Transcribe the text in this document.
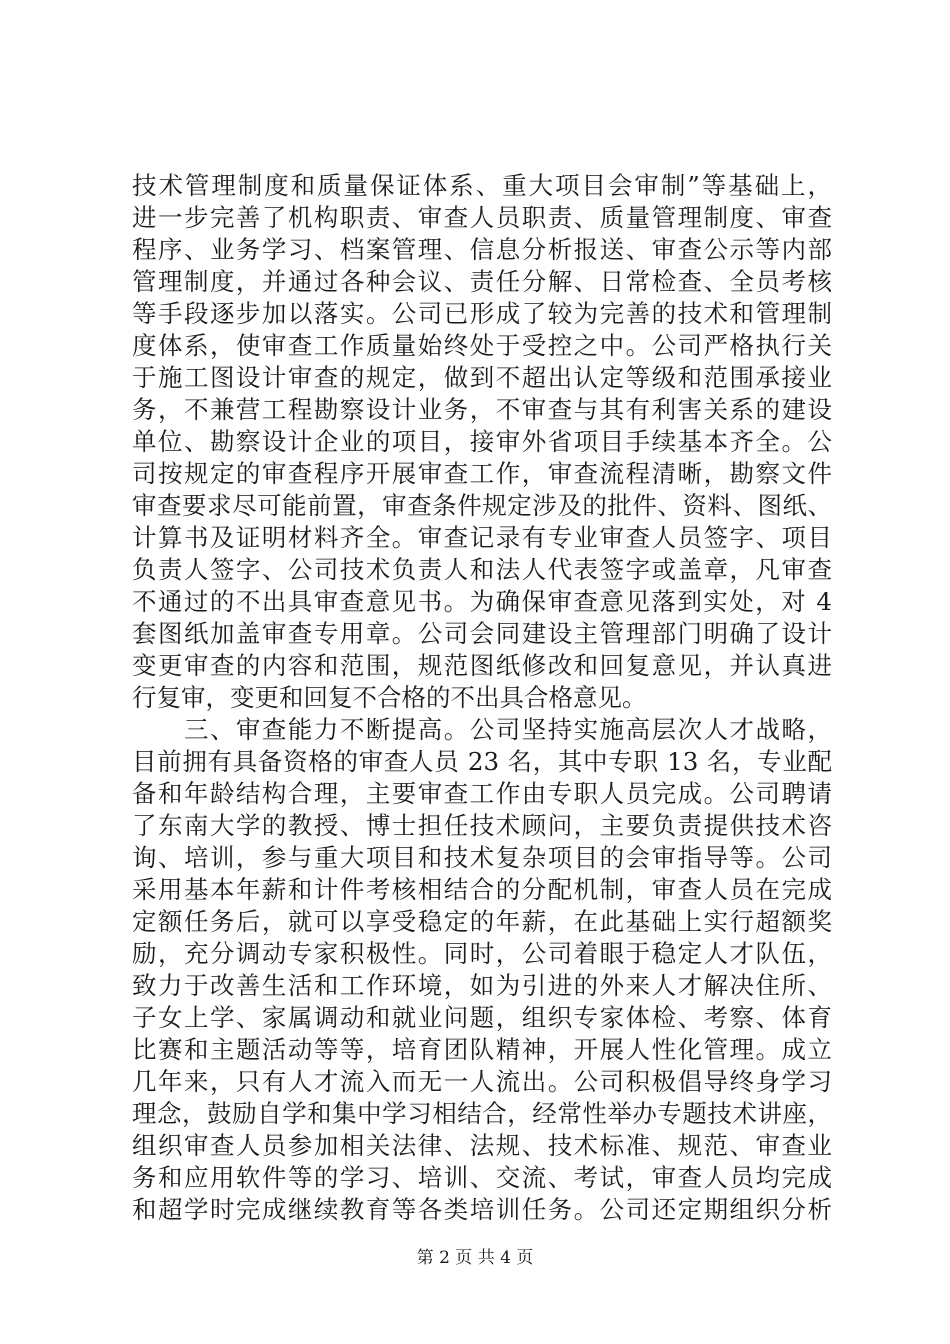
技术管理制度和质量保证体系、重大项目会审制”等基础上，
进一步完善了机构职责、审查人员职责、质量管理制度、审查
程序、业务学习、档案管理、信息分析报送、审查公示等内部
管理制度，并通过各种会议、责任分解、日常检查、全员考核
等手段逐步加以落实。公司已形成了较为完善的技术和管理制
度体系，使审查工作质量始终处于受控之中。公司严格执行关
于施工图设计审查的规定，做到不超出认定等级和范围承接业
务，不兼营工程勘察设计业务，不审查与其有利害关系的建设
单位、勘察设计企业的项目，接审外省项目手续基本齐全。公
司按规定的审查程序开展审查工作，审查流程清晰，勘察文件
审查要求尽可能前置，审查条件规定涉及的批件、资料、图纸、
计算书及证明材料齐全。审查记录有专业审查人员签字、项目
负责人签字、公司技术负责人和法人代表签字或盖章，凡审查
不通过的不出具审查意见书。为确保审查意见落到实处，对 4
套图纸加盖审查专用章。公司会同建设主管理部门明确了设计
变更审查的内容和范围，规范图纸修改和回复意见，并认真进
行复审，变更和回复不合格的不出具合格意见。
　　三、审查能力不断提高。公司坚持实施高层次人才战略，
目前拥有具备资格的审查人员 23 名，其中专职 13 名，专业配
备和年龄结构合理，主要审查工作由专职人员完成。公司聘请
了东南大学的教授、博士担任技术顾问，主要负责提供技术咨
询、培训，参与重大项目和技术复杂项目的会审指导等。公司
采用基本年薪和计件考核相结合的分配机制，审查人员在完成
定额任务后，就可以享受稳定的年薪，在此基础上实行超额奖
励，充分调动专家积极性。同时，公司着眼于稳定人才队伍，
致力于改善生活和工作环境，如为引进的外来人才解决住所、
子女上学、家属调动和就业问题，组织专家体检、考察、体育
比赛和主题活动等等，培育团队精神，开展人性化管理。成立
几年来，只有人才流入而无一人流出。公司积极倡导终身学习
理念，鼓励自学和集中学习相结合，经常性举办专题技术讲座，
组织审查人员参加相关法律、法规、技术标准、规范、审查业
务和应用软件等的学习、培训、交流、考试，审查人员均完成
和超学时完成继续教育等各类培训任务。公司还定期组织分析
第 2 页 共 4 页
